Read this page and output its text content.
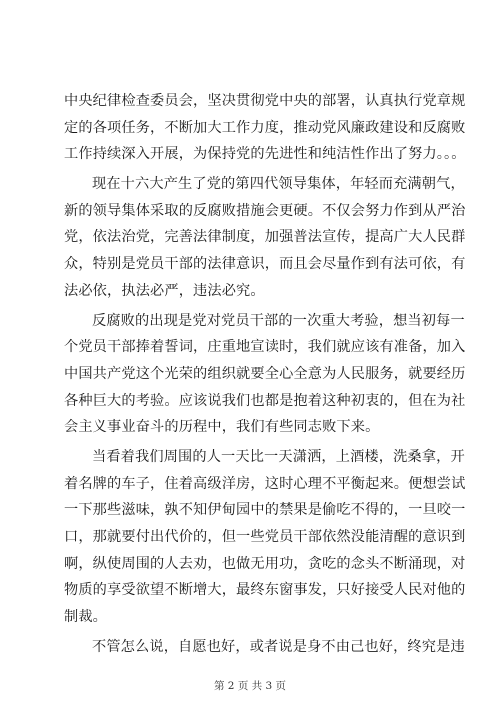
中央纪律检查委员会，坚决贯彻党中央的部署，认真执行党章规
定的各项任务，不断加大工作力度，推动党风廉政建设和反腐败
工作持续深入开展，为保持党的先进性和纯洁性作出了努力。。。
现在十六大产生了党的第四代领导集体，年轻而充满朝气，
新的领导集体采取的反腐败措施会更硬。不仅会努力作到从严治
党，依法治党，完善法律制度，加强普法宣传，提高广大人民群
众，特别是党员干部的法律意识，而且会尽量作到有法可依，有
法必依，执法必严，违法必究。
反腐败的出现是党对党员干部的一次重大考验，想当初每一
个党员干部捧着誓词，庄重地宣读时，我们就应该有准备，加入
中国共产党这个光荣的组织就要全心全意为人民服务，就要经历
各种巨大的考验。应该说我们也都是抱着这种初衷的，但在为社
会主义事业奋斗的历程中，我们有些同志败下来。
当看着我们周围的人一天比一天潇洒，上酒楼，洗桑拿，开
着名牌的车子，住着高级洋房，这时心理不平衡起来。便想尝试
一下那些滋味，孰不知伊甸园中的禁果是偷吃不得的，一旦咬一
口，那就要付出代价的，但一些党员干部依然没能清醒的意识到
啊，纵使周围的人去劝，也做无用功，贪吃的念头不断涌现，对
物质的享受欲望不断增大，最终东窗事发，只好接受人民对他的
制裁。
不管怎么说，自愿也好，或者说是身不由己也好，终究是违
第 2 页 共 3 页
